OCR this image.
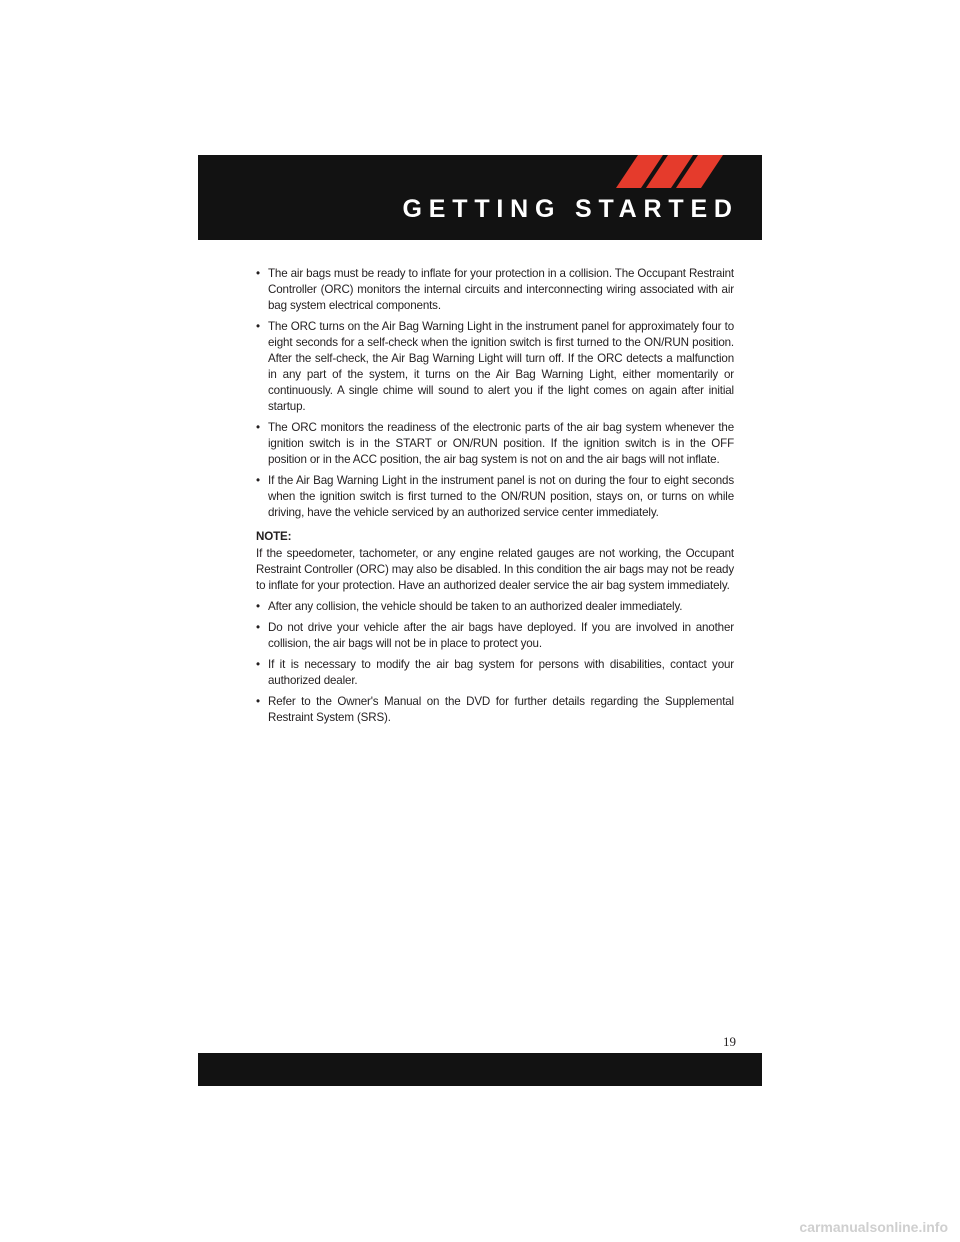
GETTING STARTED
• The air bags must be ready to inflate for your protection in a collision. The Occupant Restraint Controller (ORC) monitors the internal circuits and interconnecting wiring associated with air bag system electrical components.
• The ORC turns on the Air Bag Warning Light in the instrument panel for approximately four to eight seconds for a self-check when the ignition switch is first turned to the ON/RUN position. After the self-check, the Air Bag Warning Light will turn off. If the ORC detects a malfunction in any part of the system, it turns on the Air Bag Warning Light, either momentarily or continuously. A single chime will sound to alert you if the light comes on again after initial startup.
• The ORC monitors the readiness of the electronic parts of the air bag system whenever the ignition switch is in the START or ON/RUN position. If the ignition switch is in the OFF position or in the ACC position, the air bag system is not on and the air bags will not inflate.
• If the Air Bag Warning Light in the instrument panel is not on during the four to eight seconds when the ignition switch is first turned to the ON/RUN position, stays on, or turns on while driving, have the vehicle serviced by an authorized service center immediately.
NOTE:

If the speedometer, tachometer, or any engine related gauges are not working, the Occupant Restraint Controller (ORC) may also be disabled. In this condition the air bags may not be ready to inflate for your protection. Have an authorized dealer service the air bag system immediately.

• After any collision, the vehicle should be taken to an authorized dealer immediately.
• Do not drive your vehicle after the air bags have deployed. If you are involved in another collision, the air bags will not be in place to protect you.
• If it is necessary to modify the air bag system for persons with disabilities, contact your authorized dealer.
• Refer to the Owner's Manual on the DVD for further details regarding the Supplemental Restraint System (SRS).
19
carmanualsonline.info
